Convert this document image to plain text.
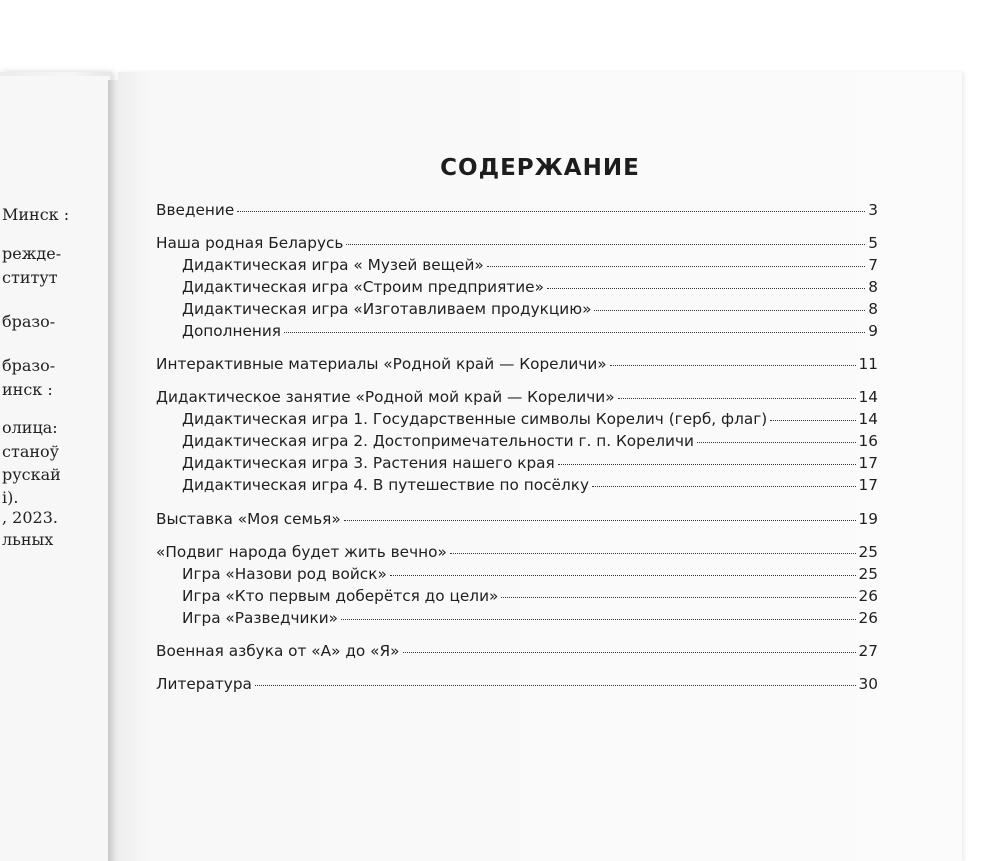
Минск :
режде-
ститут
бразо-
бразо-
инск :
олица:
станоў
рускай
і).
, 2023.
льных
СОДЕРЖАНИЕ
Введение	3
Наша родная Беларусь	5
Дидактическая игра « Музей вещей»	7
Дидактическая игра «Строим предприятие»	8
Дидактическая игра «Изготавливаем продукцию»	8
Дополнения	9
Интерактивные материалы «Родной край — Кореличи»	11
Дидактическое занятие «Родной мой край — Кореличи»	14
Дидактическая игра 1. Государственные символы Корелич (герб, флаг)	14
Дидактическая игра 2. Достопримечательности г. п. Кореличи	16
Дидактическая игра 3. Растения нашего края	17
Дидактическая игра 4. В путешествие по посёлку	17
Выставка «Моя семья»	19
«Подвиг народа будет жить вечно»	25
Игра «Назови род войск»	25
Игра «Кто первым доберётся до цели»	26
Игра «Разведчики»	26
Военная азбука от «А» до «Я»	27
Литература	30
